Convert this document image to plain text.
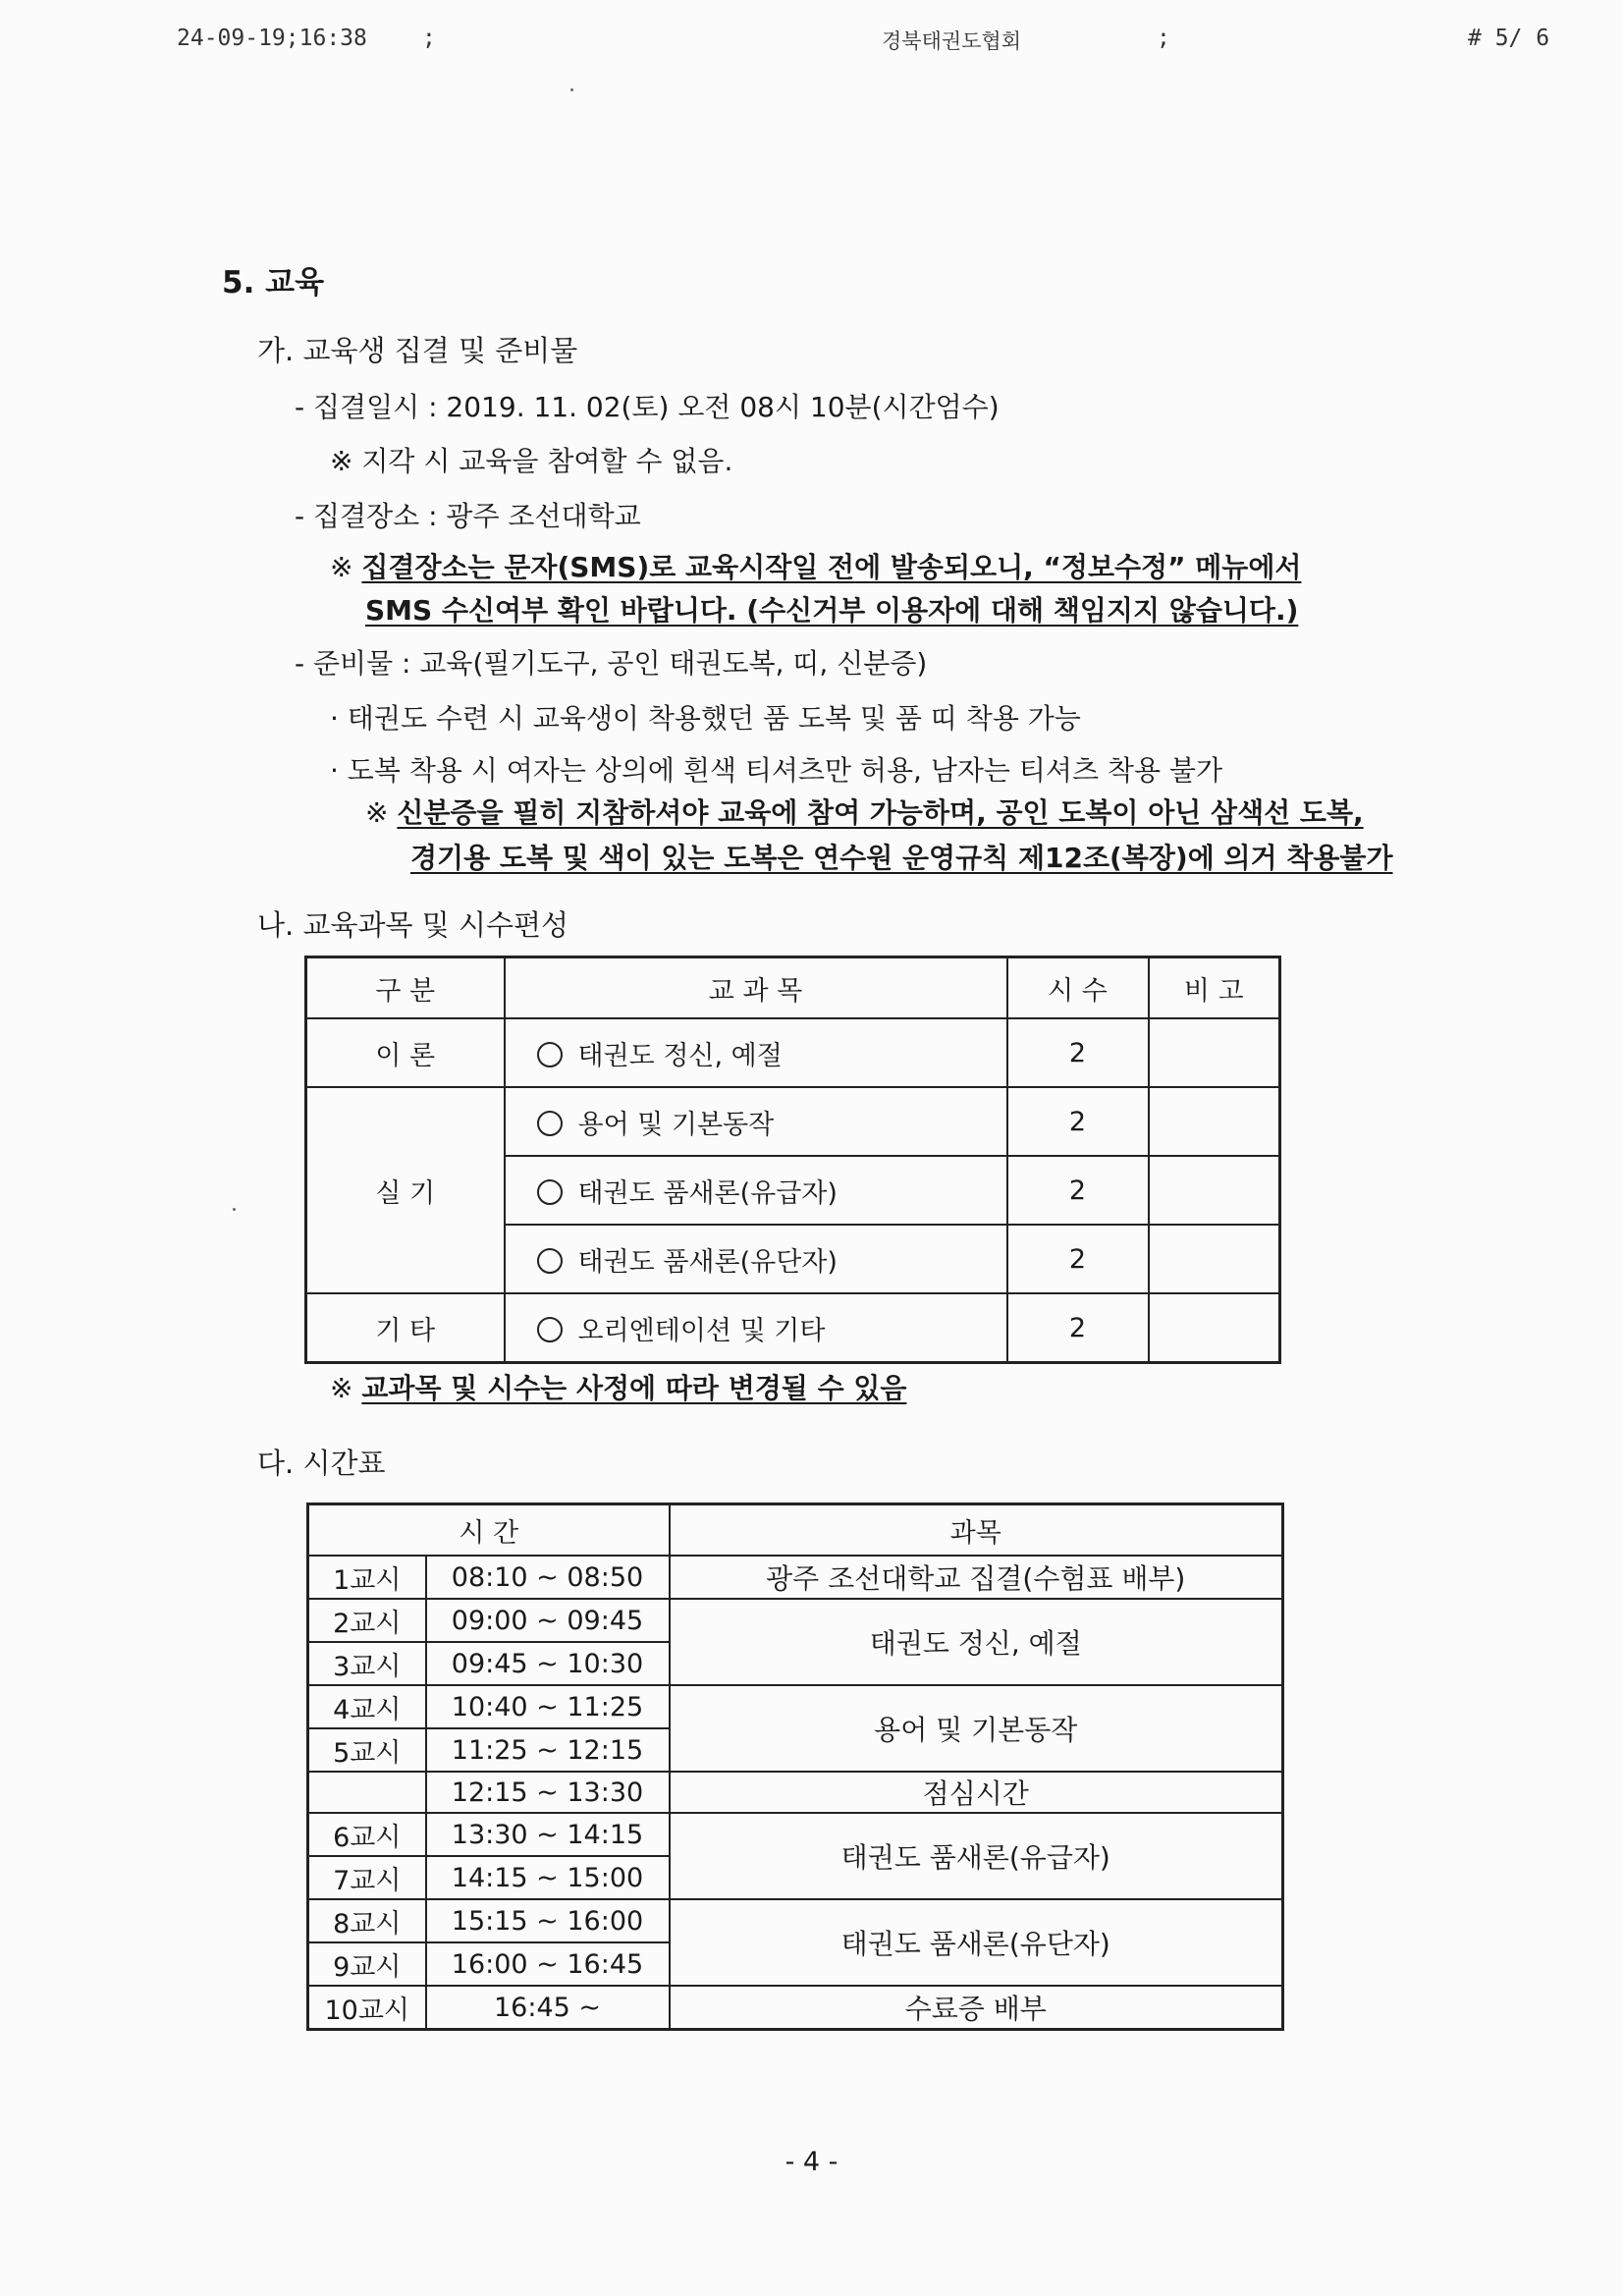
24-09-19;16:38 ;	경북태권도협회	;	# 5/ 6
5. 교육
가. 교육생 집결 및 준비물
- 집결일시 : 2019. 11. 02(토) 오전 08시 10분(시간엄수)
※ 지각 시 교육을 참여할 수 없음.
- 집결장소 : 광주 조선대학교
※ 집결장소는 문자(SMS)로 교육시작일 전에 발송되오니, “정보수정” 메뉴에서
SMS 수신여부 확인 바랍니다. (수신거부 이용자에 대해 책임지지 않습니다.)
- 준비물 : 교육(필기도구, 공인 태권도복, 띠, 신분증)
· 태권도 수련 시 교육생이 착용했던 품 도복 및 품 띠 착용 가능
· 도복 착용 시 여자는 상의에 흰색 티셔츠만 허용, 남자는 티셔츠 착용 불가
※ 신분증을 필히 지참하셔야 교육에 참여 가능하며, 공인 도복이 아닌 삼색선 도복,
경기용 도복 및 색이 있는 도복은 연수원 운영규칙 제12조(복장)에 의거 착용불가
나. 교육과목 및 시수편성
구 분	교 과 목	시 수	비 고
이 론	태권도 정신, 예절	2	
실 기	용어 및 기본동작	2	
	태권도 품새론(유급자)	2	
	태권도 품새론(유단자)	2	
기 타	오리엔테이션 및 기타	2	
※ 교과목 및 시수는 사정에 따라 변경될 수 있음
다. 시간표
시 간		과목
1교시	08:10 ~ 08:50	광주 조선대학교 집결(수험표 배부)
2교시	09:00 ~ 09:45	태권도 정신, 예절
3교시	09:45 ~ 10:30	
4교시	10:40 ~ 11:25	용어 및 기본동작
5교시	11:25 ~ 12:15	
	12:15 ~ 13:30	점심시간
6교시	13:30 ~ 14:15	태권도 품새론(유급자)
7교시	14:15 ~ 15:00	
8교시	15:15 ~ 16:00	태권도 품새론(유단자)
9교시	16:00 ~ 16:45	
10교시	16:45 ~	수료증 배부
- 4 -
